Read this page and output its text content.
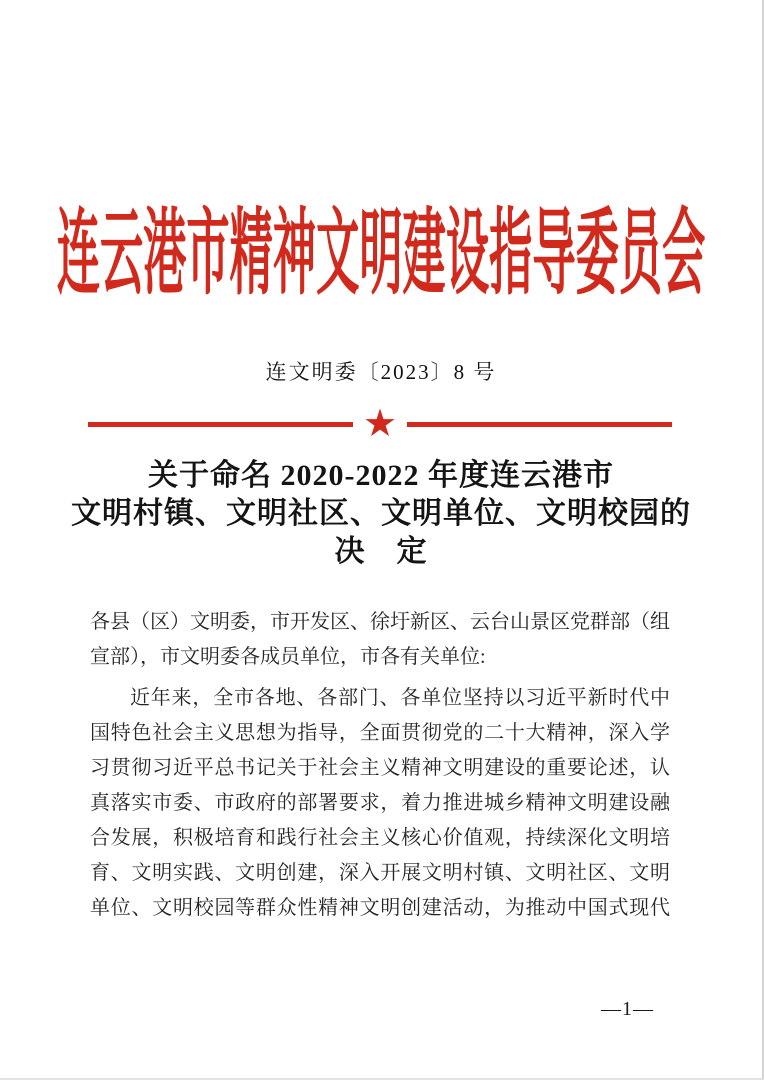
连云港市精神文明建设指导委员会
连文明委〔2023〕8 号
★
关于命名 2020-2022 年度连云港市
文明村镇、文明社区、文明单位、文明校园的
决　定
各县（区）文明委，市开发区、徐圩新区、云台山景区党群部（组
宣部），市文明委各成员单位，市各有关单位:
近年来，全市各地、各部门、各单位坚持以习近平新时代中
国特色社会主义思想为指导，全面贯彻党的二十大精神，深入学
习贯彻习近平总书记关于社会主义精神文明建设的重要论述，认
真落实市委、市政府的部署要求，着力推进城乡精神文明建设融
合发展，积极培育和践行社会主义核心价值观，持续深化文明培
育、文明实践、文明创建，深入开展文明村镇、文明社区、文明
单位、文明校园等群众性精神文明创建活动，为推动中国式现代
—1—
